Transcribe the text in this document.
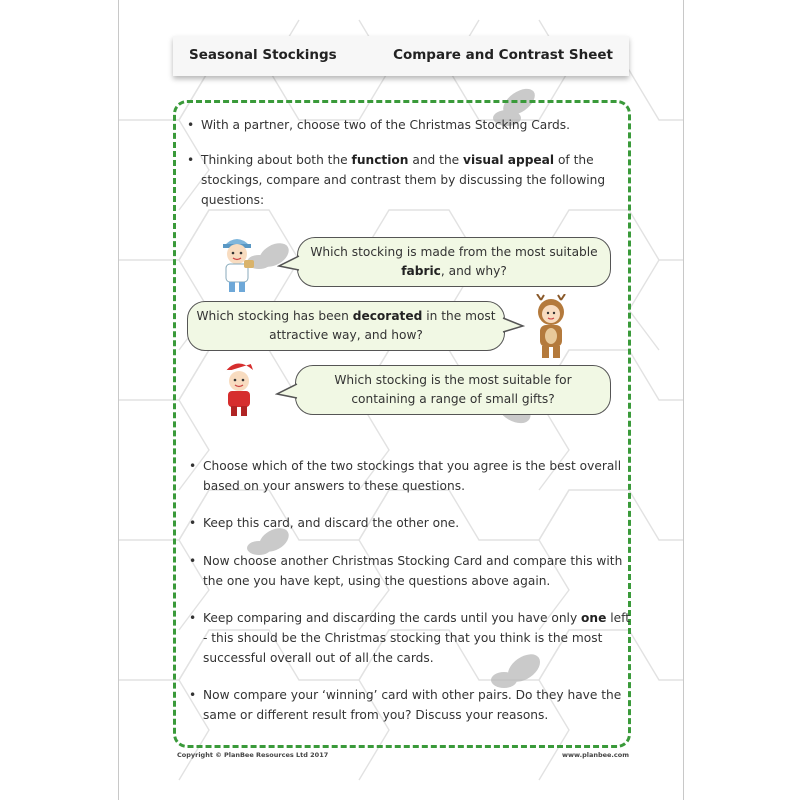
Seasonal Stockings	Compare and Contrast Sheet
• With a partner, choose two of the Christmas Stocking Cards.
• Thinking about both the function and the visual appeal of the
stockings, compare and contrast them by discussing the following
questions:
Which stocking is made from the most suitable
fabric, and why?
Which stocking has been decorated in the most
attractive way, and how?
Which stocking is the most suitable for
containing a range of small gifts?
• Choose which of the two stockings that you agree is the best overall
based on your answers to these questions.
• Keep this card, and discard the other one.
• Now choose another Christmas Stocking Card and compare this with
the one you have kept, using the questions above again.
• Keep comparing and discarding the cards until you have only one left
- this should be the Christmas stocking that you think is the most
successful overall out of all the cards.
• Now compare your ‘winning’ card with other pairs. Do they have the
same or different result from you? Discuss your reasons.
Copyright © PlanBee Resources Ltd 2017	www.planbee.com
